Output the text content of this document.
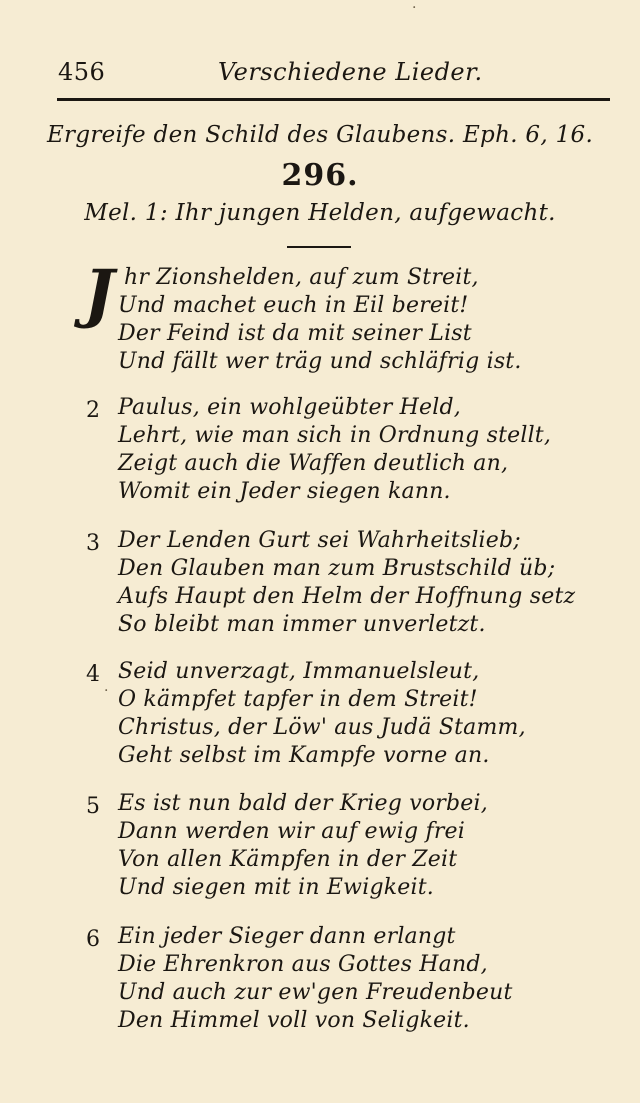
456	Verschiedene Lieder.
Ergreife den Schild des Glaubens. Eph. 6, 16.
296.
Mel. 1: Ihr jungen Helden, aufgewacht.
J hr Zionshelden, auf zum Streit,
Und machet euch in Eil bereit!
Der Feind ist da mit seiner List
Und fällt wer träg und schläfrig ist.
2 Paulus, ein wohlgeübter Held,
Lehrt, wie man sich in Ordnung stellt,
Zeigt auch die Waffen deutlich an,
Womit ein Jeder siegen kann.
3 Der Lenden Gurt sei Wahrheitslieb;
Den Glauben man zum Brustschild üb;
Aufs Haupt den Helm der Hoffnung setz
So bleibt man immer unverletzt.
4 Seid unverzagt, Immanuelsleut,
O kämpfet tapfer in dem Streit!
Christus, der Löw' aus Judä Stamm,
Geht selbst im Kampfe vorne an.
5 Es ist nun bald der Krieg vorbei,
Dann werden wir auf ewig frei
Von allen Kämpfen in der Zeit
Und siegen mit in Ewigkeit.
6 Ein jeder Sieger dann erlangt
Die Ehrenkron aus Gottes Hand,
Und auch zur ew'gen Freudenbeut
Den Himmel voll von Seligkeit.
·
·
